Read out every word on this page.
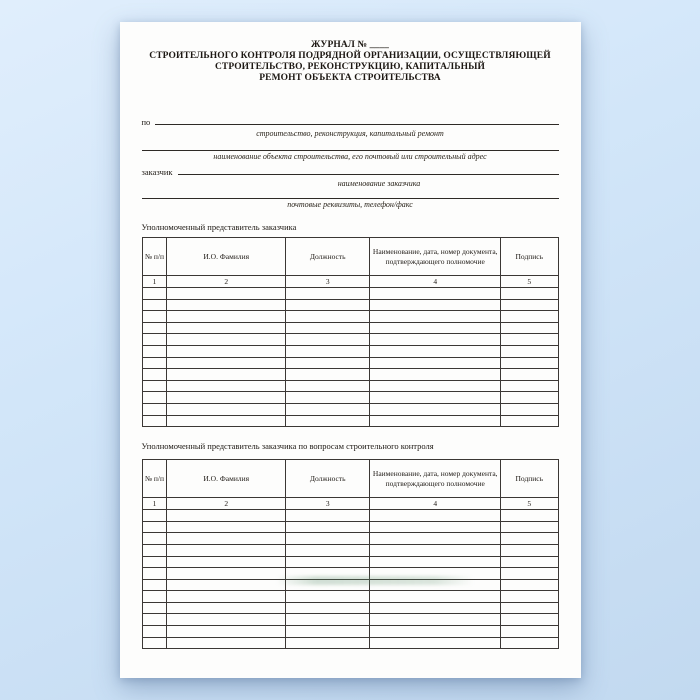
ЖУРНАЛ № ____
СТРОИТЕЛЬНОГО КОНТРОЛЯ ПОДРЯДНОЙ ОРГАНИЗАЦИИ, ОСУЩЕСТВЛЯЮЩЕЙ
СТРОИТЕЛЬСТВО, РЕКОНСТРУКЦИЮ, КАПИТАЛЬНЫЙ
РЕМОНТ ОБЪЕКТА СТРОИТЕЛЬСТВА
по
строительство, реконструкция, капитальный ремонт
наименование объекта строительства, его почтовый или строительный адрес
заказчик
наименование заказчика
почтовые реквизиты, телефон/факс
Уполномоченный представитель заказчика
№ п/п	И.О. Фамилия	Должность	Наименование, дата, номер документа, подтверждающего полномочие	Подпись
1	2	3	4	5

Уполномоченный представитель заказчика по вопросам строительного контроля
№ п/п	И.О. Фамилия	Должность	Наименование, дата, номер документа, подтверждающего полномочие	Подпись
1	2	3	4	5
